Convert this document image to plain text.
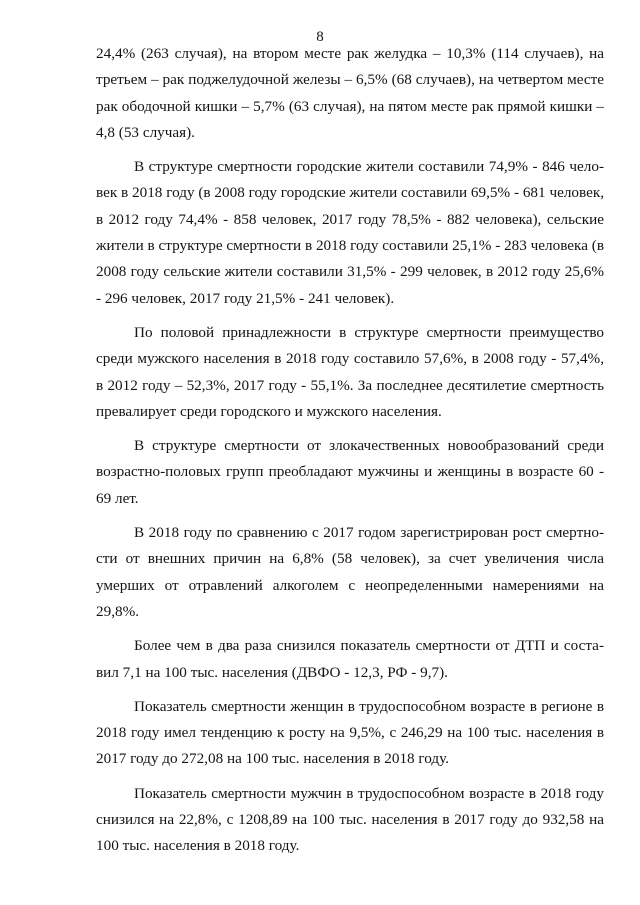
8

24,4% (263 случая), на втором месте рак желудка – 10,3% (114 случаев), на третьем – рак поджелудочной железы – 6,5% (68 случаев), на четвертом месте рак ободочной кишки – 5,7% (63 случая), на пятом месте рак прямой кишки – 4,8 (53 случая).

В структуре смертности городские жители составили 74,9% - 846 человек в 2018 году (в 2008 году городские жители составили 69,5% - 681 человек, в 2012 году 74,4% - 858 человек, 2017 году 78,5% - 882 человека), сельские жители в структуре смертности в 2018 году составили 25,1% - 283 человека (в 2008 году сельские жители составили 31,5% - 299 человек, в 2012 году 25,6% - 296 человек, 2017 году 21,5% - 241 человек).

По половой принадлежности в структуре смертности преимущество среди мужского населения в 2018 году составило 57,6%, в 2008 году - 57,4%, в 2012 году – 52,3%, 2017 году - 55,1%. За последнее десятилетие смертность превалирует среди городского и мужского населения.

В структуре смертности от злокачественных новообразований среди возрастно-половых групп преобладают мужчины и женщины в возрасте 60 - 69 лет.

В 2018 году по сравнению с 2017 годом зарегистрирован рост смертности от внешних причин на 6,8% (58 человек), за счет увеличения числа умерших от отравлений алкоголем с неопределенными намерениями на 29,8%.

Более чем в два раза снизился показатель смертности от ДТП и составил 7,1 на 100 тыс. населения (ДВФО - 12,3, РФ - 9,7).

Показатель смертности женщин в трудоспособном возрасте в регионе в 2018 году имел тенденцию к росту на 9,5%, с 246,29 на 100 тыс. населения в 2017 году до 272,08 на 100 тыс. населения в 2018 году.

Показатель смертности мужчин в трудоспособном возрасте в 2018 году снизился на 22,8%, с 1208,89 на 100 тыс. населения в 2017 году до 932,58 на 100 тыс. населения в 2018 году.
